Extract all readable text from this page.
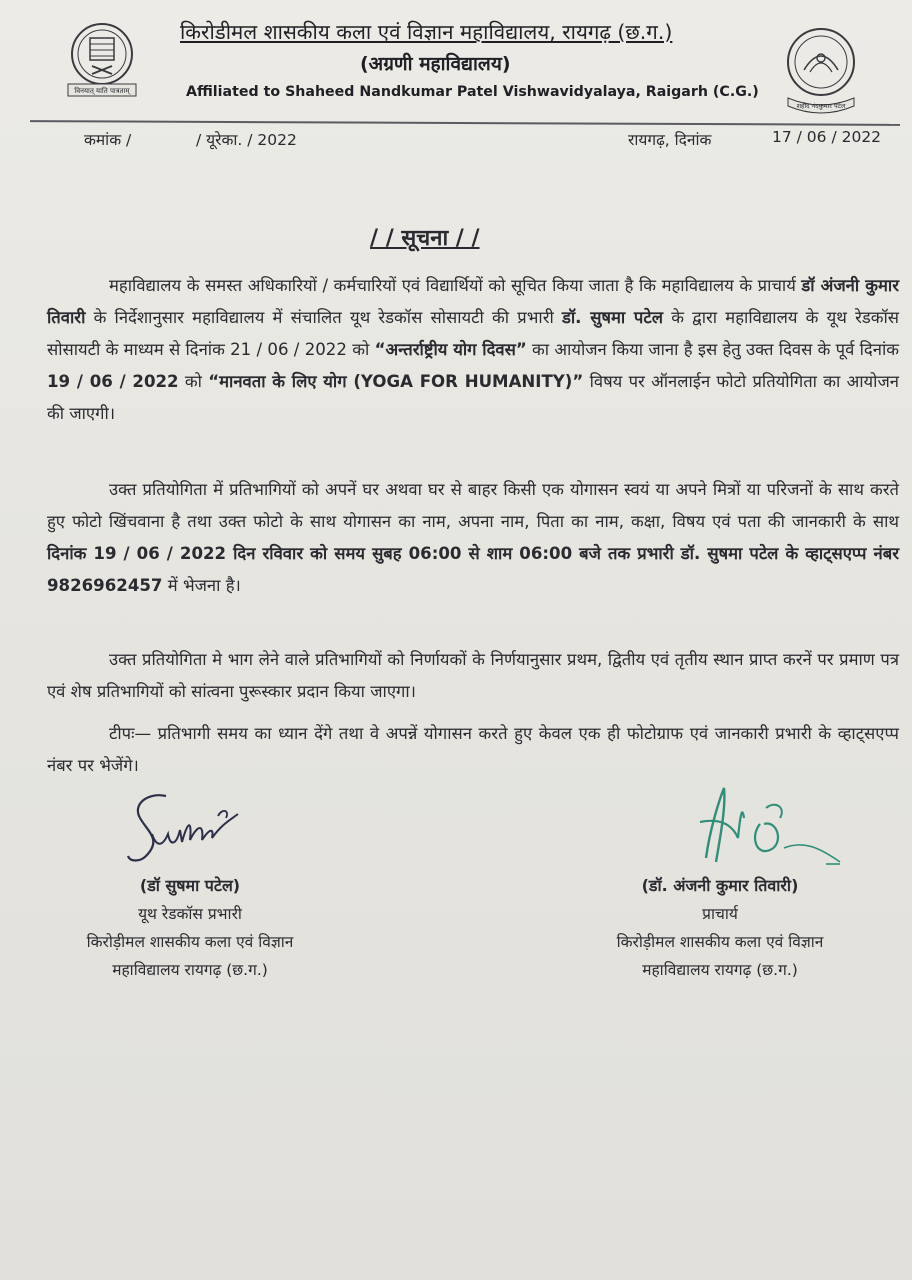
विनयात् याति पात्रताम्
किरोडीमल शासकीय कला एवं विज्ञान महाविद्यालय, रायगढ़ (छ.ग.)
(अग्रणी महाविद्यालय)
Affiliated to Shaheed Nandkumar Patel Vishwavidyalaya, Raigarh (C.G.)
शहीद नंदकुमार पटेल
कमांक /	/ यूरेका. / 2022	रायगढ़, दिनांक	17 / 06 / 2022
/ / सूचना / /

महाविद्यालय के समस्त अधिकारियों / कर्मचारियों एवं विद्यार्थियों को सूचित किया जाता है कि महाविद्यालय के प्राचार्य डॉ अंजनी कुमार तिवारी के निर्देशानुसार महाविद्यालय में संचालित यूथ रेडकॉस सोसायटी की प्रभारी डॉ. सुषमा पटेल के द्वारा महाविद्यालय के यूथ रेडकॉस सोसायटी के माध्यम से दिनांक 21 / 06 / 2022 को “अन्तर्राष्ट्रीय योग दिवस” का आयोजन किया जाना है इस हेतु उक्त दिवस के पूर्व दिनांक 19 / 06 / 2022 को “मानवता के लिए योग (YOGA FOR HUMANITY)” विषय पर ऑनलाईन फोटो प्रतियोगिता का आयोजन की जाएगी।

उक्त प्रतियोगिता में प्रतिभागियों को अपनें घर अथवा घर से बाहर किसी एक योगासन स्वयं या अपने मित्रों या परिजनों के साथ करते हुए फोटो खिंचवाना है तथा उक्त फोटो के साथ योगासन का नाम, अपना नाम, पिता का नाम, कक्षा, विषय एवं पता की जानकारी के साथ दिनांक 19 / 06 / 2022 दिन रविवार को समय सुबह 06:00 से शाम 06:00 बजे तक प्रभारी डॉ. सुषमा पटेल के व्हाट्सएप्प नंबर 9826962457 में भेजना है।

उक्त प्रतियोगिता मे भाग लेने वाले प्रतिभागियों को निर्णायकों के निर्णयानुसार प्रथम, द्वितीय एवं तृतीय स्थान प्राप्त करनें पर प्रमाण पत्र एवं शेष प्रतिभागियों को सांत्वना पुरूस्कार प्रदान किया जाएगा।

टीपः— प्रतिभागी समय का ध्यान देंगे तथा वे अपन्नें योगासन करते हुए केवल एक ही फोटोग्राफ एवं जानकारी प्रभारी के व्हाट्सएप्प नंबर पर भेजेंगे।

(डॉ सुषमा पटेल)
यूथ रेडकॉस प्रभारी
किरोड़ीमल शासकीय कला एवं विज्ञान
महाविद्यालय रायगढ़ (छ.ग.)
(डॉ. अंजनी कुमार तिवारी)
प्राचार्य
किरोड़ीमल शासकीय कला एवं विज्ञान
महाविद्यालय रायगढ़ (छ.ग.)
